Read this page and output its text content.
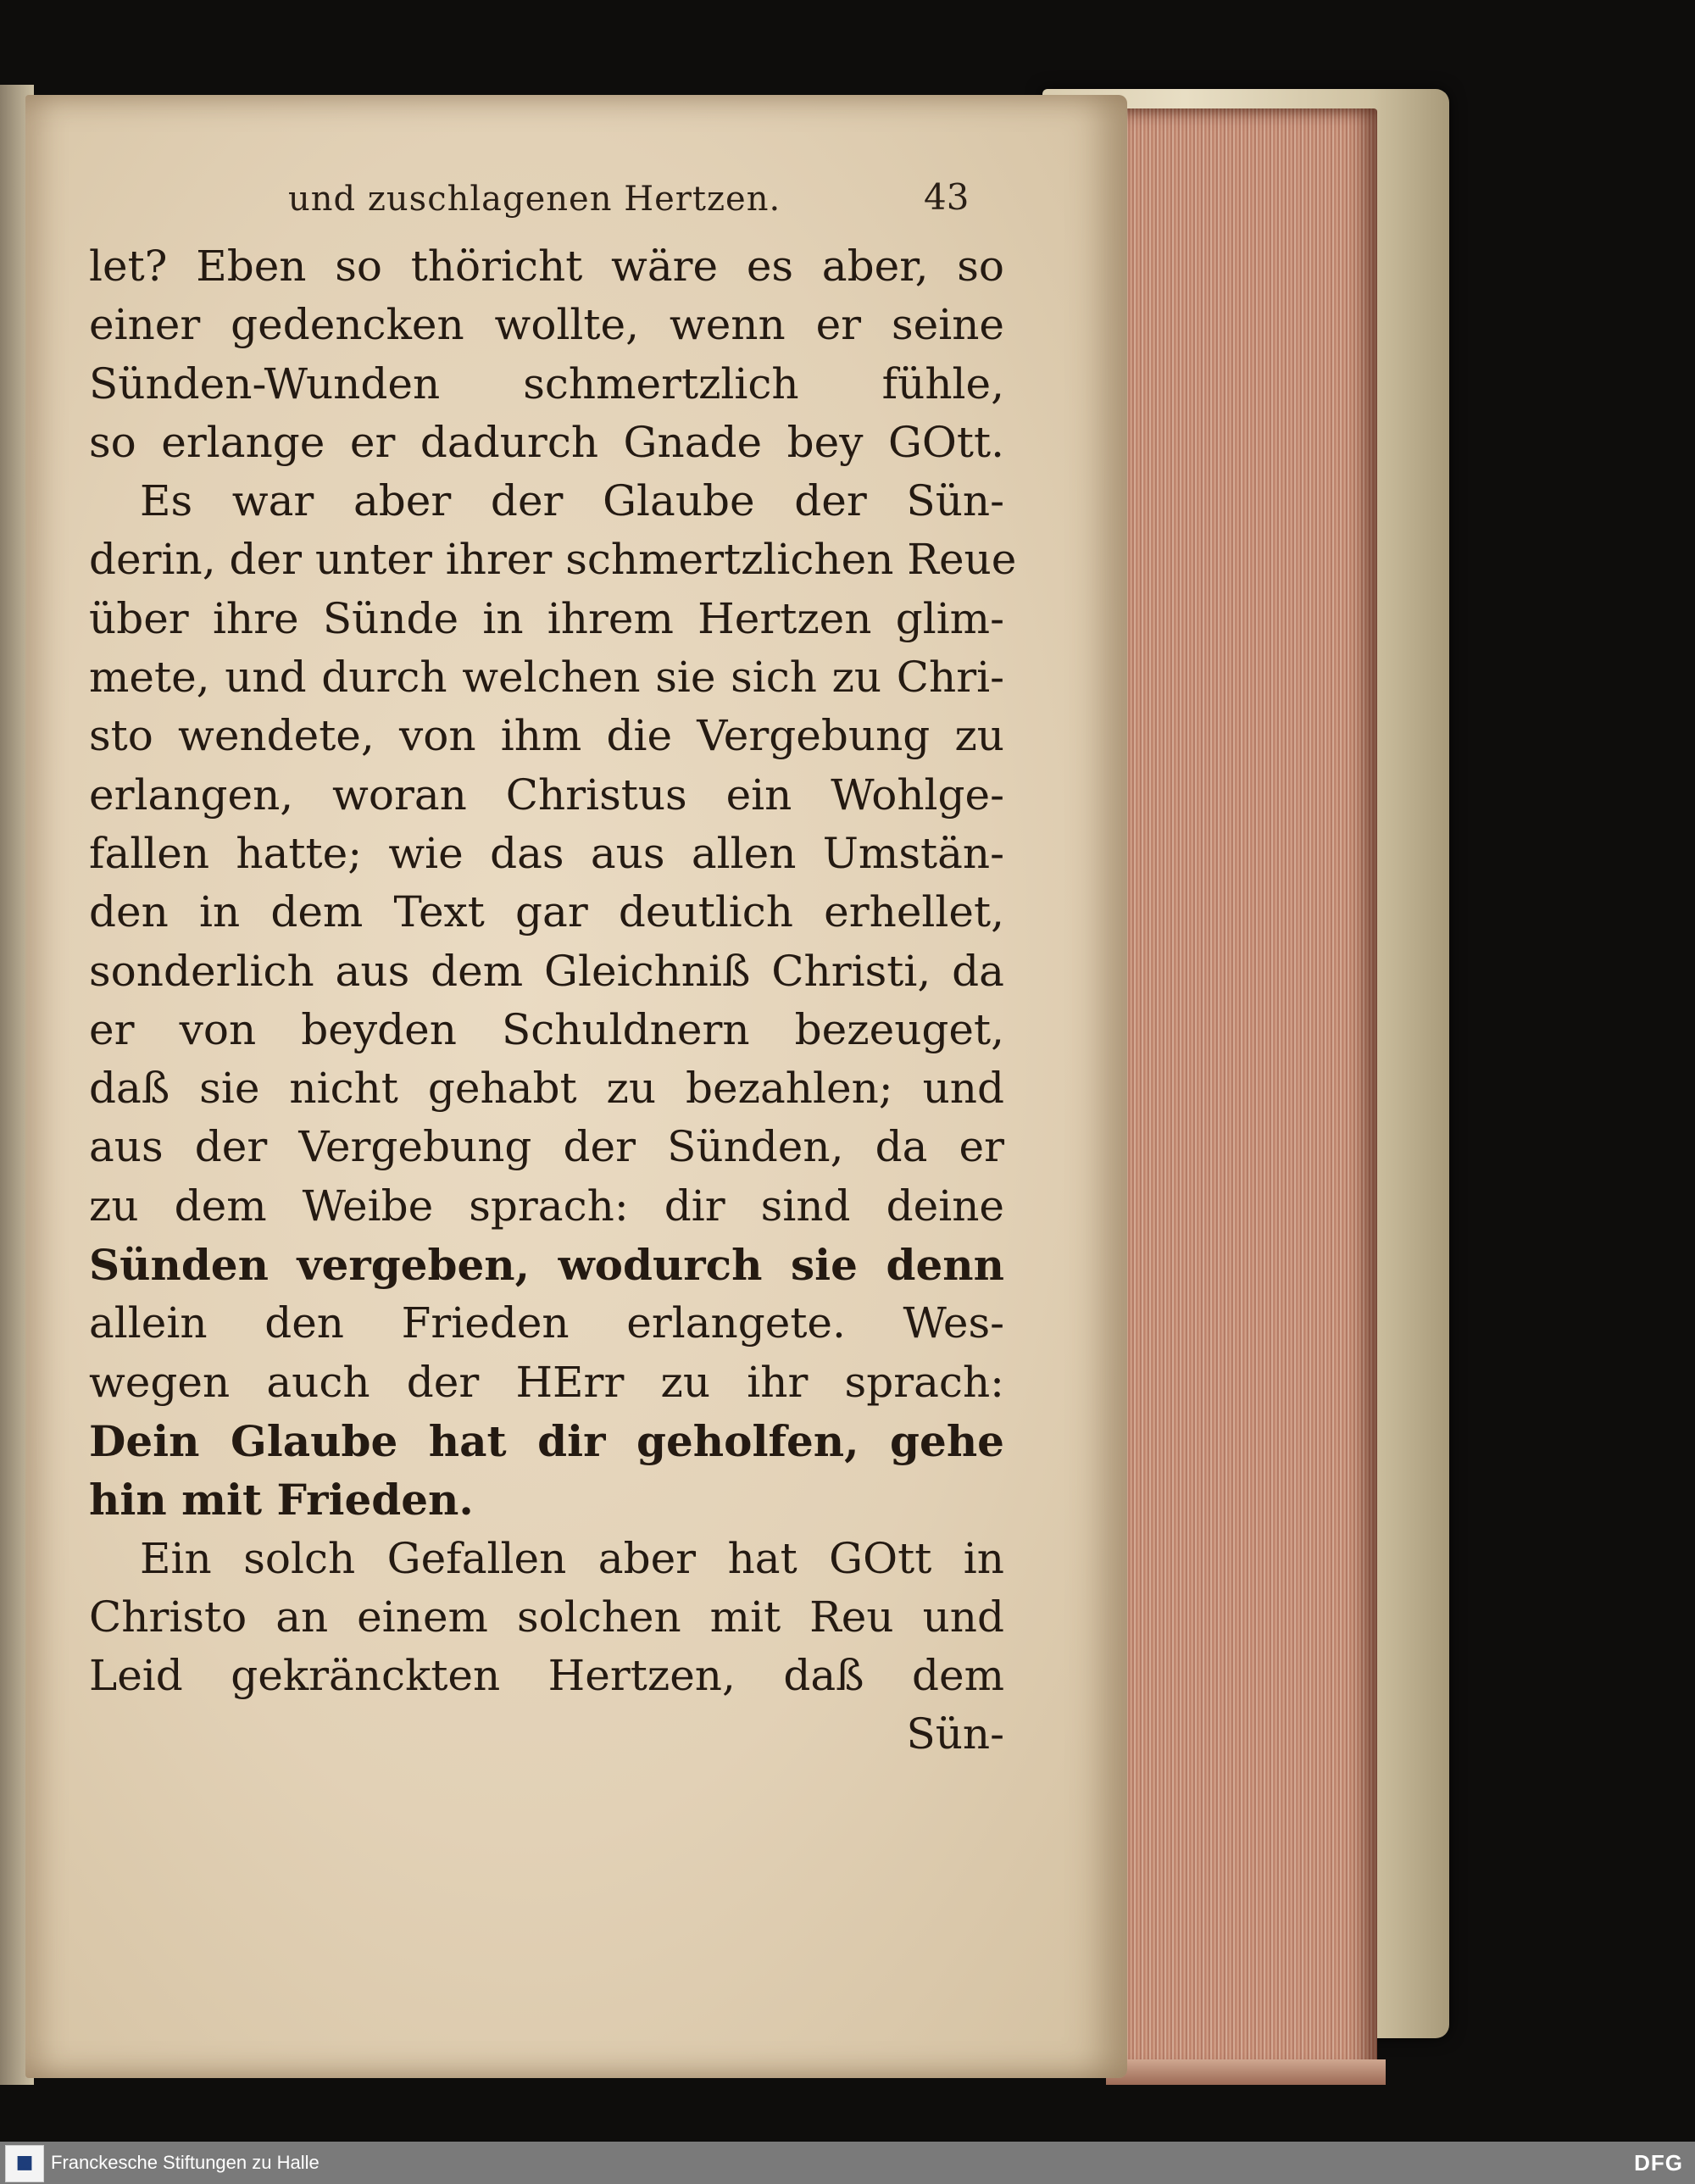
und zuschlagenen Hertzen.	43
let? Eben so thöricht wäre es aber, so
einer gedencken wollte, wenn er seine
Sünden-Wunden schmertzlich fühle,
so erlange er dadurch Gnade bey GOtt.
Es war aber der Glaube der Sün-
derin, der unter ihrer schmertzlichen Reue
über ihre Sünde in ihrem Hertzen glim-
mete, und durch welchen sie sich zu Chri-
sto wendete, von ihm die Vergebung zu
erlangen, woran Christus ein Wohlge-
fallen hatte; wie das aus allen Umstän-
den in dem Text gar deutlich erhellet,
sonderlich aus dem Gleichniß Christi, da
er von beyden Schuldnern bezeuget,
daß sie nicht gehabt zu bezahlen; und
aus der Vergebung der Sünden, da er
zu dem Weibe sprach: dir sind deine
Sünden vergeben, wodurch sie denn
allein den Frieden erlangete. Wes-
wegen auch der HErr zu ihr sprach:
Dein Glaube hat dir geholfen, gehe
hin mit Frieden.
Ein solch Gefallen aber hat GOtt in
Christo an einem solchen mit Reu und
Leid gekränckten Hertzen, daß dem
Sün-
■ Franckesche Stiftungen zu Halle	DFG
